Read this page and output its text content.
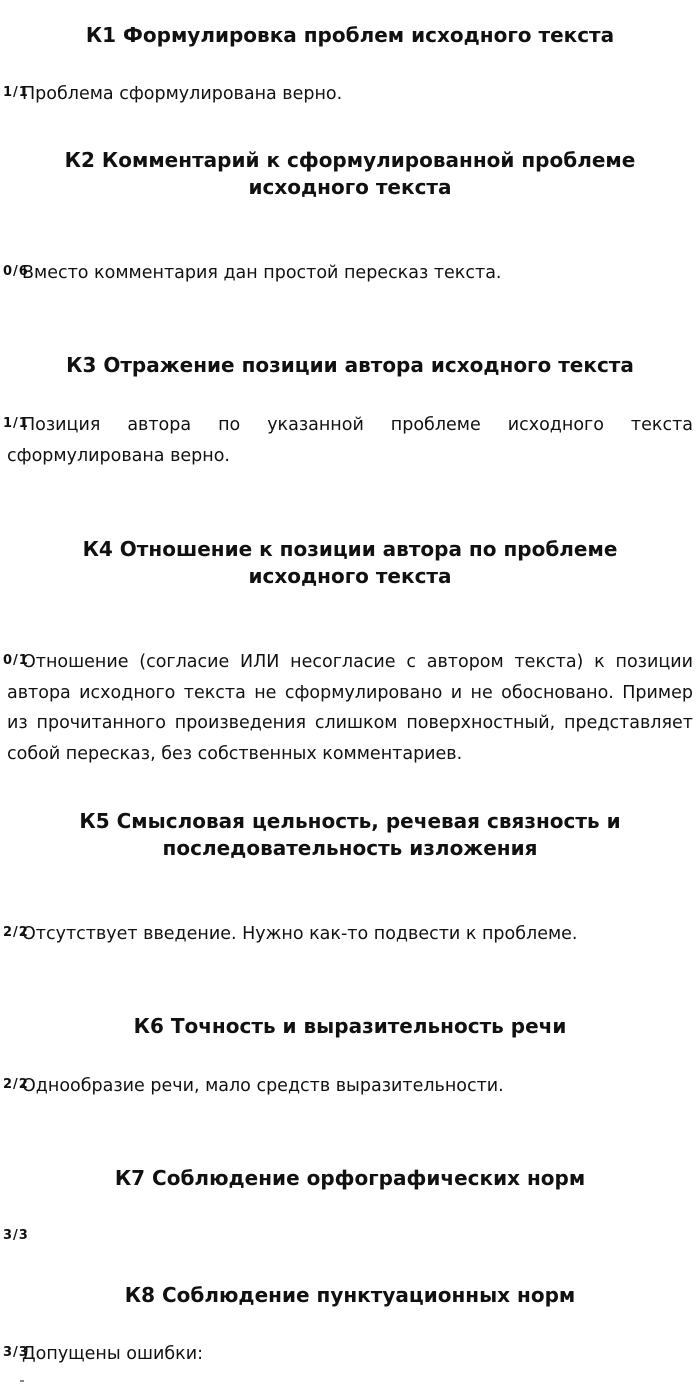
К1 Формулировка проблем исходного текста
1/1

Проблема сформулирована верно.

К2 Комментарий к сформулированной проблеме исходного текста
0/6

Вместо комментария дан простой пересказ текста.

К3 Отражение позиции автора исходного текста
1/1

Позиция автора по указанной проблеме исходного текста сформулирована верно.

К4 Отношение к позиции автора по проблеме исходного текста
0/1

Отношение (согласие ИЛИ несогласие с автором текста) к позиции автора исходного текста не сформулировано и не обосновано. Пример из прочитанного произведения слишком поверхностный, представляет собой пересказ, без собственных комментариев.

К5 Смысловая цельность, речевая связность и последовательность изложения
2/2

Отсутствует введение. Нужно как-то подвести к проблеме.

К6 Точность и выразительность речи
2/2

Однообразие речи, мало средств выразительности.

К7 Соблюдение орфографических норм
3/3
К8 Соблюдение пунктуационных норм
3/3

Допущены ошибки:
